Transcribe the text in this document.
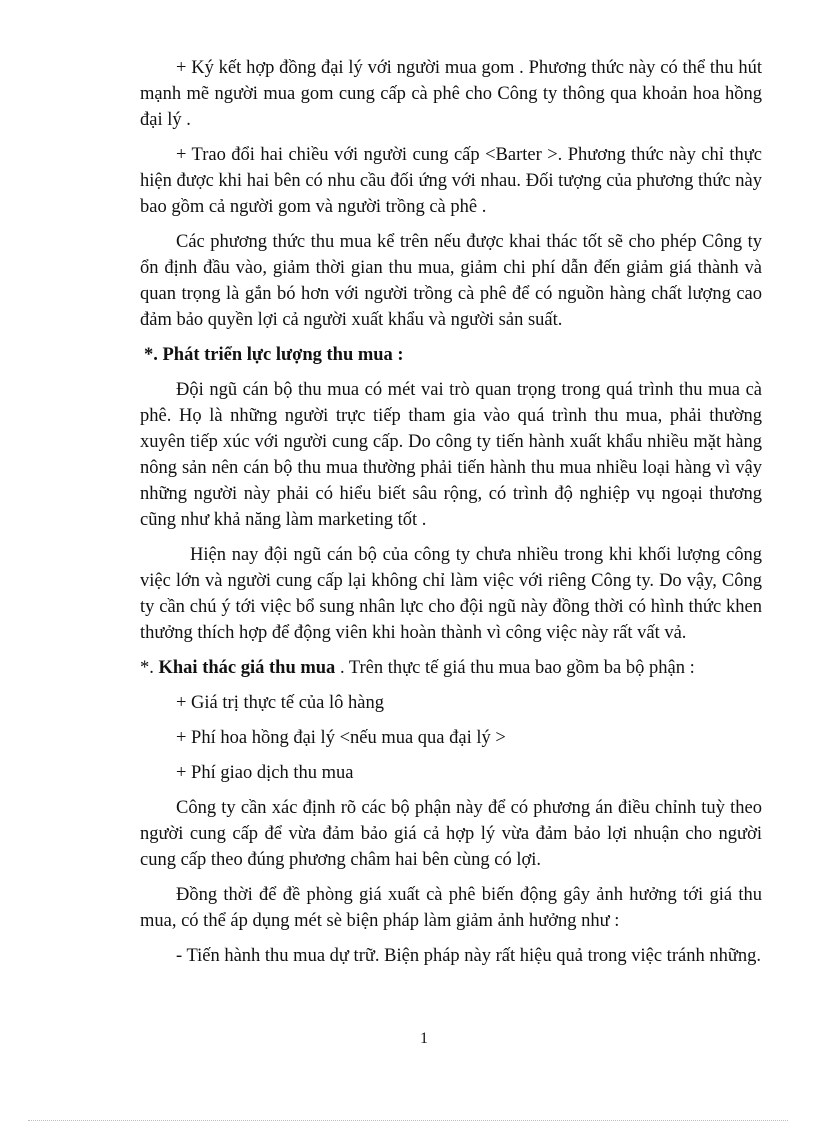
+ Ký kết hợp đồng đại lý với người mua gom . Phương thức này có thể thu hút mạnh mẽ người mua gom cung cấp cà phê cho Công ty thông qua khoản hoa hồng đại lý .

+ Trao đổi hai chiều với người cung cấp <Barter >. Phương thức này chỉ thực hiện được khi hai bên có nhu cầu đối ứng với nhau. Đối tượng của phương thức này bao gồm cả người gom và người trồng cà phê .

Các phương thức thu mua kể trên nếu được khai thác tốt sẽ cho phép Công ty ổn định đầu vào, giảm thời gian thu mua, giảm chi phí dẫn đến giảm giá thành và quan trọng là gắn bó hơn với người trồng cà phê để có nguồn hàng chất lượng cao đảm bảo quyền lợi cả người xuất khẩu và người sản suất.

*. Phát triển lực lượng thu mua :

Đội ngũ cán bộ thu mua có mét vai trò quan trọng trong quá trình thu mua cà phê. Họ là những người trực tiếp tham gia vào quá trình thu mua, phải thường xuyên tiếp xúc với người cung cấp. Do công ty tiến hành xuất khẩu nhiều mặt hàng nông sản nên cán bộ thu mua thường phải tiến hành thu mua nhiều loại hàng vì vậy những người này phải có hiểu biết sâu rộng, có trình độ nghiệp vụ ngoại thương cũng như khả năng làm marketing tốt .

Hiện nay đội ngũ cán bộ của công ty chưa nhiều trong khi khối lượng công việc lớn và người cung cấp lại không chỉ làm việc với riêng Công ty. Do vậy, Công ty cần chú ý tới việc bổ sung nhân lực cho đội ngũ này đồng thời có hình thức khen thưởng thích hợp để động viên khi hoàn thành vì công việc này rất vất vả.

*. Khai thác giá thu mua . Trên thực tế giá thu mua bao gồm ba bộ phận :

+ Giá trị thực tế của lô hàng

+ Phí hoa hồng đại lý <nếu mua qua đại lý >

+ Phí giao dịch thu mua

Công ty cần xác định rõ các bộ phận này để có phương án điều chỉnh tuỳ theo người cung cấp để vừa đảm bảo giá cả hợp lý vừa đảm bảo lợi nhuận cho người cung cấp theo đúng phương châm hai bên cùng có lợi.

Đồng thời để đề phòng giá xuất cà phê biến động gây ảnh hưởng tới giá thu mua, có thể áp dụng mét sè biện pháp làm giảm ảnh hưởng như :

- Tiến hành thu mua dự trữ. Biện pháp này rất hiệu quả trong việc tránh những.

1
